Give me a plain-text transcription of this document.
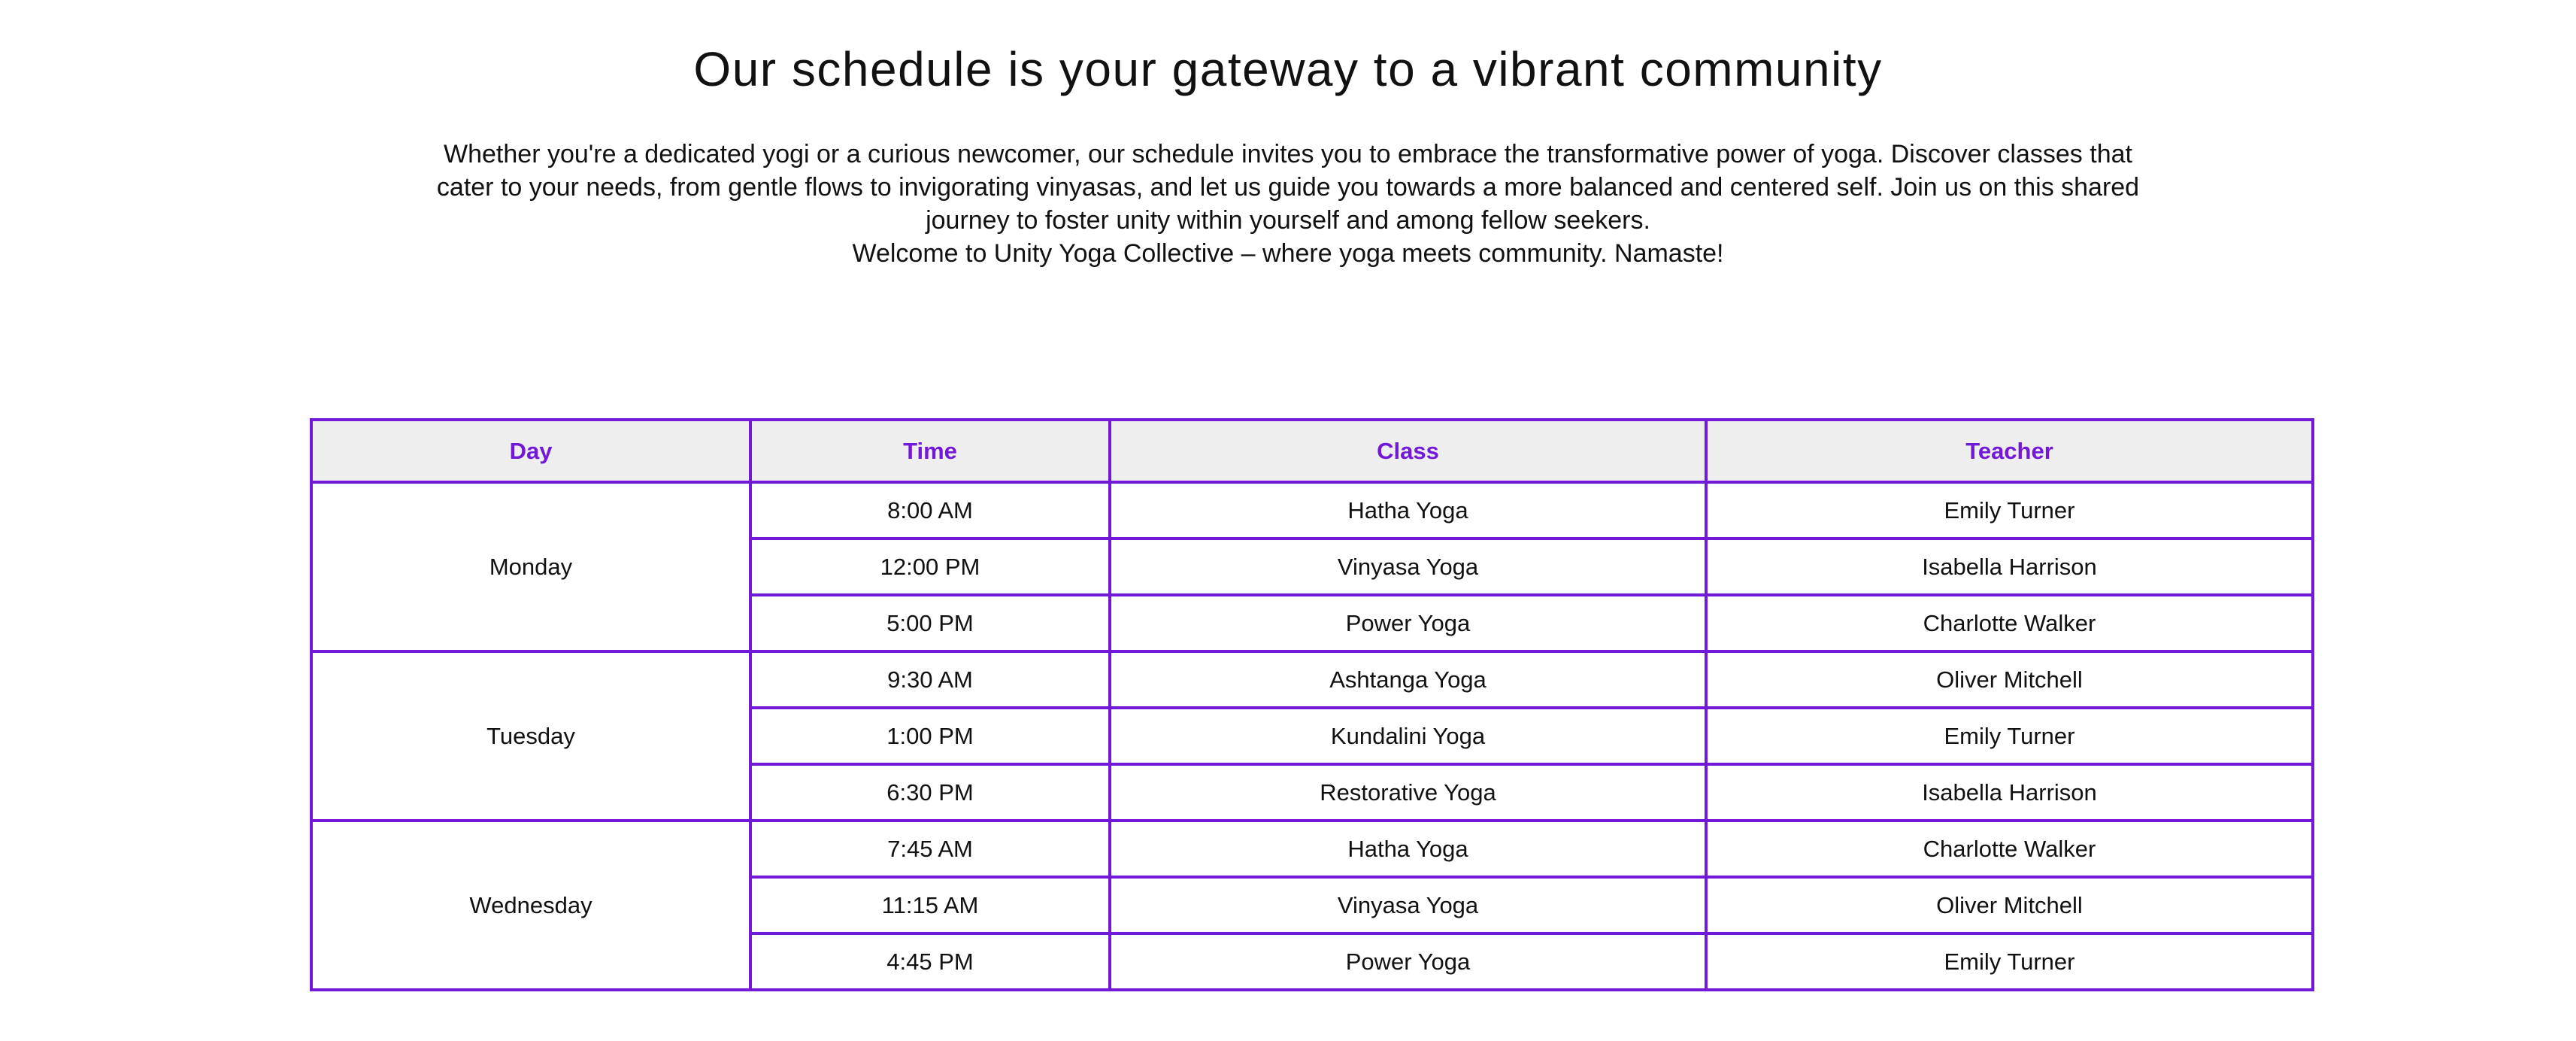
Our schedule is your gateway to a vibrant community

Whether you're a dedicated yogi or a curious newcomer, our schedule invites you to embrace the transformative power of yoga. Discover classes that cater to your needs, from gentle flows to invigorating vinyasas, and let us guide you towards a more balanced and centered self. Join us on this shared journey to foster unity within yourself and among fellow seekers.

Welcome to Unity Yoga Collective – where yoga meets community. Namaste!

Day	Time	Class	Teacher
Monday	8:00 AM	Hatha Yoga	Emily Turner
	12:00 PM	Vinyasa Yoga	Isabella Harrison
	5:00 PM	Power Yoga	Charlotte Walker
Tuesday	9:30 AM	Ashtanga Yoga	Oliver Mitchell
	1:00 PM	Kundalini Yoga	Emily Turner
	6:30 PM	Restorative Yoga	Isabella Harrison
Wednesday	7:45 AM	Hatha Yoga	Charlotte Walker
	11:15 AM	Vinyasa Yoga	Oliver Mitchell
	4:45 PM	Power Yoga	Emily Turner
